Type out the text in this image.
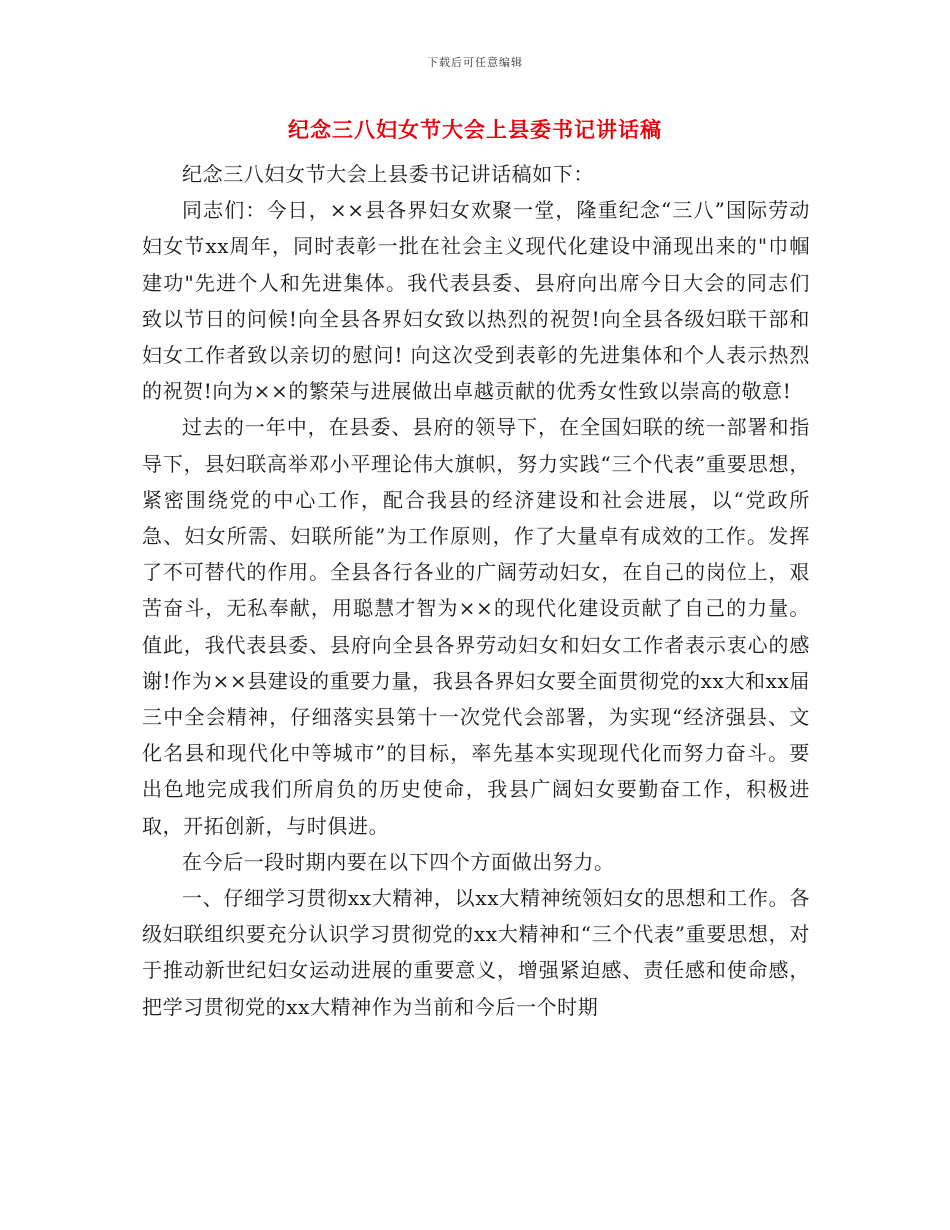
下载后可任意编辑
纪念三八妇女节大会上县委书记讲话稿

纪念三八妇女节大会上县委书记讲话稿如下：

同志们：今日，××县各界妇女欢聚一堂，隆重纪念“三八”国际劳动妇女节xx周年，同时表彰一批在社会主义现代化建设中涌现出来的"巾帼建功"先进个人和先进集体。我代表县委、县府向出席今日大会的同志们致以节日的问候!向全县各界妇女致以热烈的祝贺!向全县各级妇联干部和妇女工作者致以亲切的慰问! 向这次受到表彰的先进集体和个人表示热烈的祝贺!向为××的繁荣与进展做出卓越贡献的优秀女性致以崇高的敬意!

过去的一年中，在县委、县府的领导下，在全国妇联的统一部署和指导下，县妇联高举邓小平理论伟大旗帜，努力实践“三个代表”重要思想，紧密围绕党的中心工作，配合我县的经济建设和社会进展，以“党政所急、妇女所需、妇联所能”为工作原则，作了大量卓有成效的工作。发挥了不可替代的作用。全县各行各业的广阔劳动妇女，在自己的岗位上，艰苦奋斗，无私奉献，用聪慧才智为××的现代化建设贡献了自己的力量。值此，我代表县委、县府向全县各界劳动妇女和妇女工作者表示衷心的感谢!作为××县建设的重要力量，我县各界妇女要全面贯彻党的xx大和xx届三中全会精神，仔细落实县第十一次党代会部署，为实现“经济强县、文化名县和现代化中等城市”的目标，率先基本实现现代化而努力奋斗。要出色地完成我们所肩负的历史使命，我县广阔妇女要勤奋工作，积极进取，开拓创新，与时俱进。

在今后一段时期内要在以下四个方面做出努力。

一、仔细学习贯彻xx大精神，以xx大精神统领妇女的思想和工作。各级妇联组织要充分认识学习贯彻党的xx大精神和“三个代表”重要思想，对于推动新世纪妇女运动进展的重要意义，增强紧迫感、责任感和使命感，把学习贯彻党的xx大精神作为当前和今后一个时期
